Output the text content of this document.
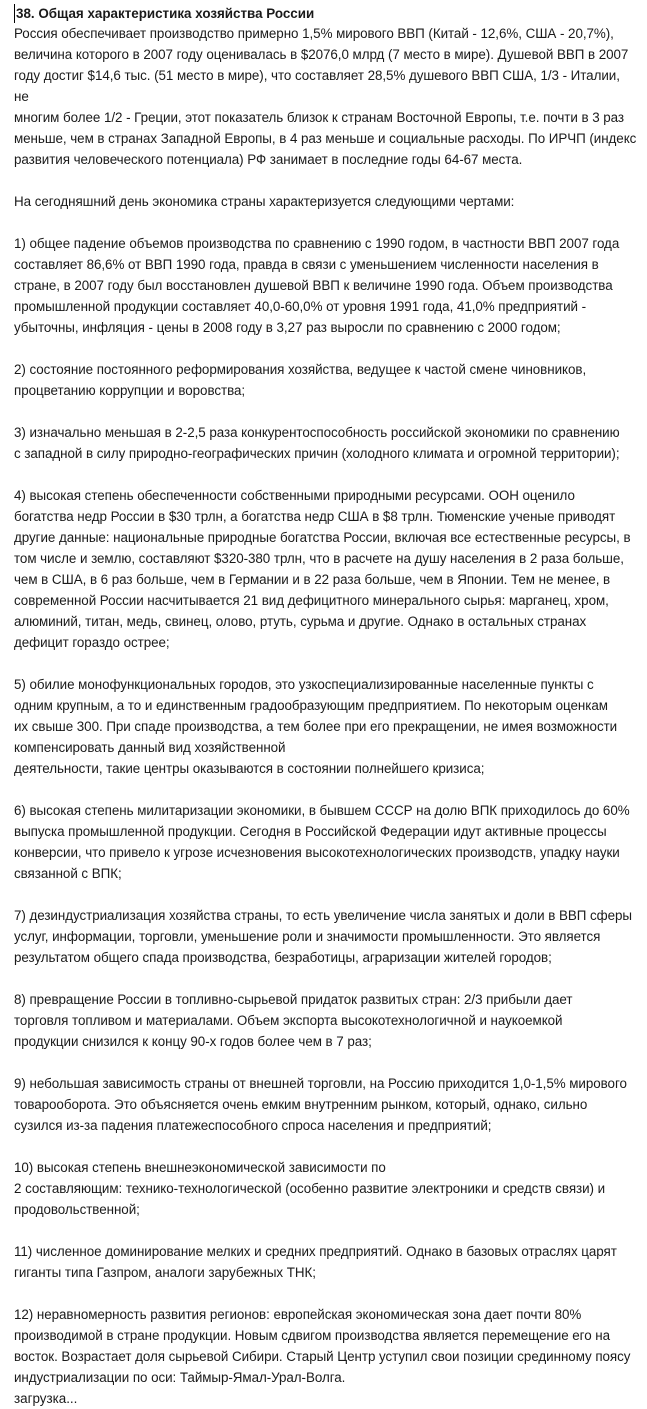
38. Общая характеристика хозяйства России

Россия обеспечивает производство примерно 1,5% мирового ВВП (Китай - 12,6%, США - 20,7%),
величина которого в 2007 году оценивалась в $2076,0 млрд (7 место в мире). Душевой ВВП в 2007
году достиг $14,6 тыс. (51 место в мире), что составляет 28,5% душевого ВВП США, 1/3 - Италии, не
многим более 1/2 - Греции, этот показатель близок к странам Восточной Европы, т.е. почти в 3 раз
меньше, чем в странах Западной Европы, в 4 раз меньше и социальные расходы. По ИРЧП (индекс
развития человеческого потенциала) РФ занимает в последние годы 64-67 места.

На сегодняшний день экономика страны характеризуется следующими чертами:

1) общее падение объемов производства по сравнению с 1990 годом, в частности ВВП 2007 года
составляет 86,6% от ВВП 1990 года, правда в связи с уменьшением численности населения в
стране, в 2007 году был восстановлен душевой ВВП к величине 1990 года. Объем производства
промышленной продукции составляет 40,0-60,0% от уровня 1991 года, 41,0% предприятий -
убыточны, инфляция - цены в 2008 году в 3,27 раз выросли по сравнению с 2000 годом;

2) состояние постоянного реформирования хозяйства, ведущее к частой смене чиновников,
процветанию коррупции и воровства;

3) изначально меньшая в 2-2,5 раза конкурентоспособность российской экономики по сравнению
с западной в силу природно-географических причин (холодного климата и огромной территории);

4) высокая степень обеспеченности собственными природными ресурсами. ООН оценило
богатства недр России в $30 трлн, а богатства недр США в $8 трлн. Тюменские ученые приводят
другие данные: национальные природные богатства России, включая все естественные ресурсы, в
том числе и землю, составляют $320-380 трлн, что в расчете на душу населения в 2 раза больше,
чем в США, в 6 раз больше, чем в Германии и в 22 раза больше, чем в Японии. Тем не менее, в
современной России насчитывается 21 вид дефицитного минерального сырья: марганец, хром,
алюминий, титан, медь, свинец, олово, ртуть, сурьма и другие. Однако в остальных странах
дефицит гораздо острее;

5) обилие монофункциональных городов, это узкоспециализированные населенные пункты с
одним крупным, а то и единственным градообразующим предприятием. По некоторым оценкам
их свыше 300. При спаде производства, а тем более при его прекращении, не имея возможности
компенсировать данный вид хозяйственной
деятельности, такие центры оказываются в состоянии полнейшего кризиса;

6) высокая степень милитаризации экономики, в бывшем СССР на долю ВПК приходилось до 60%
выпуска промышленной продукции. Сегодня в Российской Федерации идут активные процессы
конверсии, что привело к угрозе исчезновения высокотехнологических производств, упадку науки
связанной с ВПК;

7) дезиндустриализация хозяйства страны, то есть увеличение числа занятых и доли в ВВП сферы
услуг, информации, торговли, уменьшение роли и значимости промышленности. Это является
результатом общего спада производства, безработицы, аграризации жителей городов;

8) превращение России в топливно-сырьевой придаток развитых стран: 2/3 прибыли дает
торговля топливом и материалами. Объем экспорта высокотехнологичной и наукоемкой
продукции снизился к концу 90-х годов более чем в 7 раз;

9) небольшая зависимость страны от внешней торговли, на Россию приходится 1,0-1,5% мирового
товарооборота. Это объясняется очень емким внутренним рынком, который, однако, сильно
сузился из-за падения платежеспособного спроса населения и предприятий;

10) высокая степень внешнеэкономической зависимости по
2 составляющим: технико-технологической (особенно развитие электроники и средств связи) и
продовольственной;

11) численное доминирование мелких и средних предприятий. Однако в базовых отраслях царят
гиганты типа Газпром, аналоги зарубежных ТНК;

12) неравномерность развития регионов: европейская экономическая зона дает почти 80%
производимой в стране продукции. Новым сдвигом производства является перемещение его на
восток. Возрастает доля сырьевой Сибири. Старый Центр уступил свои позиции срединному поясу
индустриализации по оси: Таймыр-Ямал-Урал-Волга.

загрузка...
